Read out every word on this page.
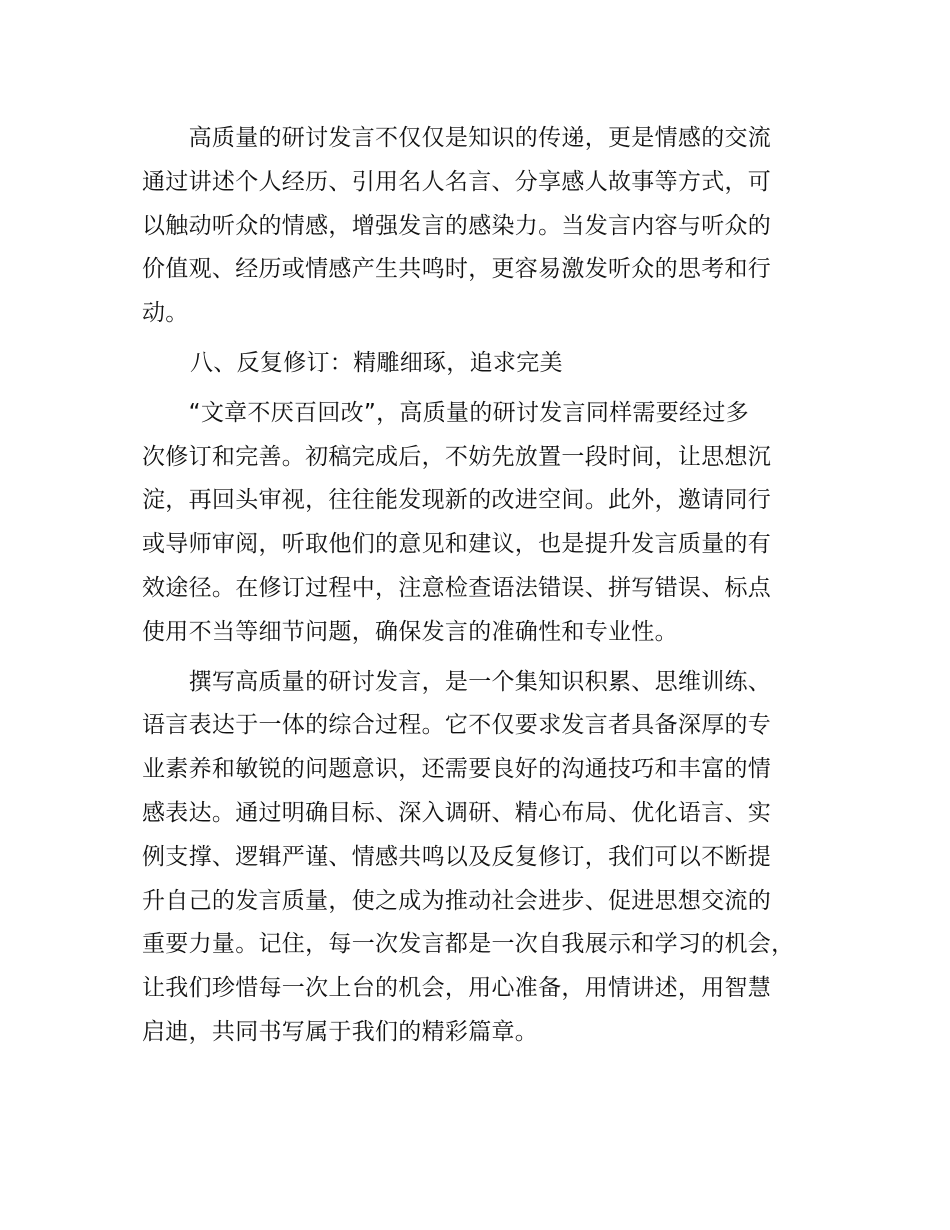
　　高质量的研讨发言不仅仅是知识的传递，更是情感的交流
通过讲述个人经历、引用名人名言、分享感人故事等方式，可
以触动听众的情感，增强发言的感染力。当发言内容与听众的
价值观、经历或情感产生共鸣时，更容易激发听众的思考和行
动。
八、反复修订：精雕细琢，追求完美
　　“文章不厌百回改”，高质量的研讨发言同样需要经过多
次修订和完善。初稿完成后，不妨先放置一段时间，让思想沉
淀，再回头审视，往往能发现新的改进空间。此外，邀请同行
或导师审阅，听取他们的意见和建议，也是提升发言质量的有
效途径。在修订过程中，注意检查语法错误、拼写错误、标点
使用不当等细节问题，确保发言的准确性和专业性。
　　撰写高质量的研讨发言，是一个集知识积累、思维训练、
语言表达于一体的综合过程。它不仅要求发言者具备深厚的专
业素养和敏锐的问题意识，还需要良好的沟通技巧和丰富的情
感表达。通过明确目标、深入调研、精心布局、优化语言、实
例支撑、逻辑严谨、情感共鸣以及反复修订，我们可以不断提
升自己的发言质量，使之成为推动社会进步、促进思想交流的
重要力量。记住，每一次发言都是一次自我展示和学习的机会，
让我们珍惜每一次上台的机会，用心准备，用情讲述，用智慧
启迪，共同书写属于我们的精彩篇章。
